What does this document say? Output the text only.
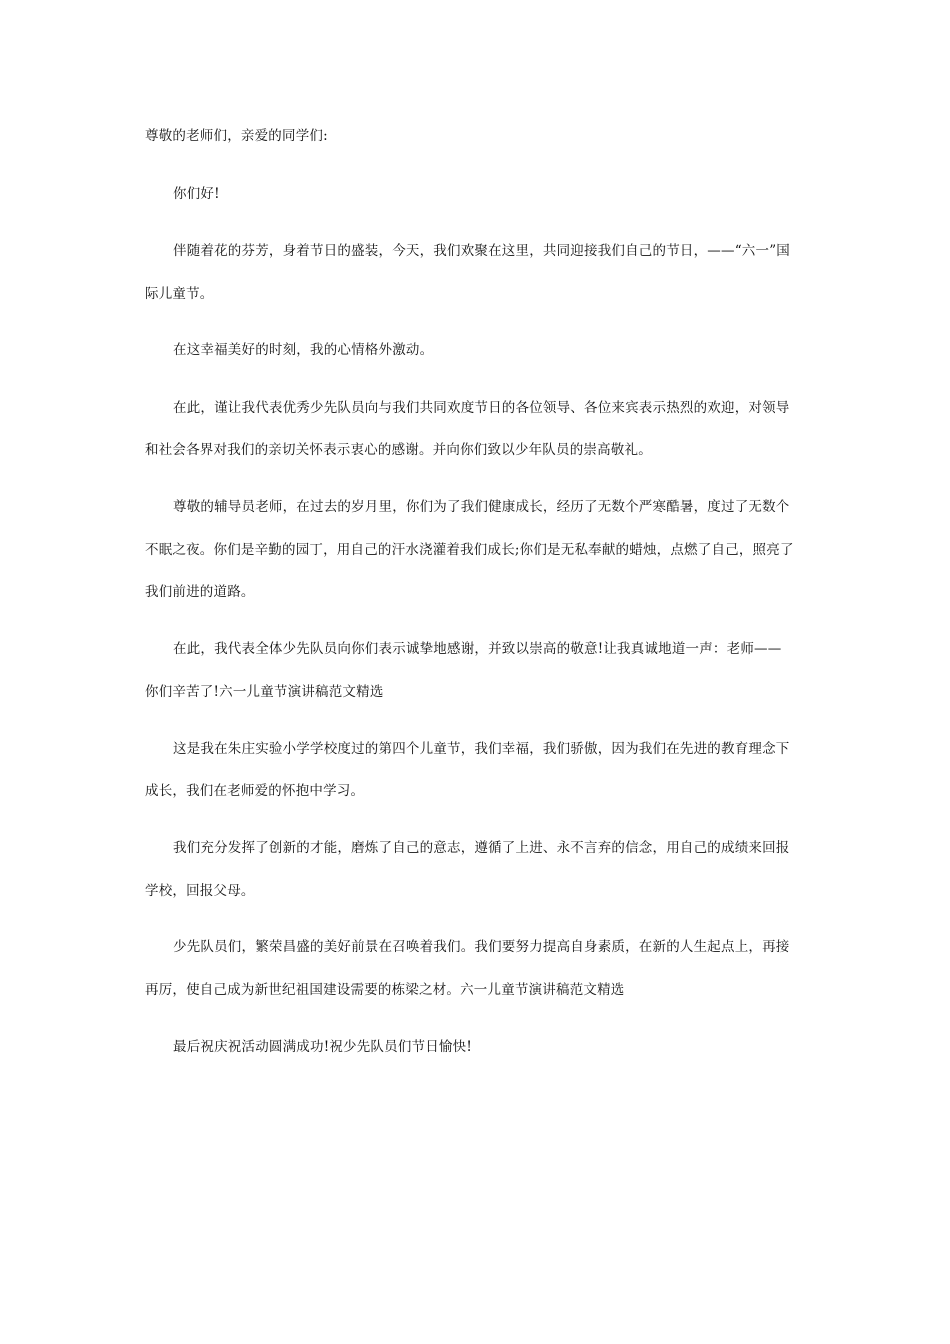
尊敬的老师们，亲爱的同学们:
你们好!
伴随着花的芬芳，身着节日的盛装，今天，我们欢聚在这里，共同迎接我们自己的节日，——“六一”国
际儿童节。
在这幸福美好的时刻，我的心情格外激动。
在此，谨让我代表优秀少先队员向与我们共同欢度节日的各位领导、各位来宾表示热烈的欢迎，对领导
和社会各界对我们的亲切关怀表示衷心的感谢。并向你们致以少年队员的崇高敬礼。
尊敬的辅导员老师，在过去的岁月里，你们为了我们健康成长，经历了无数个严寒酷暑，度过了无数个
不眠之夜。你们是辛勤的园丁，用自己的汗水浇灌着我们成长;你们是无私奉献的蜡烛，点燃了自己，照亮了
我们前进的道路。
在此，我代表全体少先队员向你们表示诚挚地感谢，并致以崇高的敬意!让我真诚地道一声：老师——
你们辛苦了!六一儿童节演讲稿范文精选
这是我在朱庄实验小学学校度过的第四个儿童节，我们幸福，我们骄傲，因为我们在先进的教育理念下
成长，我们在老师爱的怀抱中学习。
我们充分发挥了创新的才能，磨炼了自己的意志，遵循了上进、永不言弃的信念，用自己的成绩来回报
学校，回报父母。
少先队员们，繁荣昌盛的美好前景在召唤着我们。我们要努力提高自身素质，在新的人生起点上，再接
再厉，使自己成为新世纪祖国建设需要的栋梁之材。六一儿童节演讲稿范文精选
最后祝庆祝活动圆满成功!祝少先队员们节日愉快!
